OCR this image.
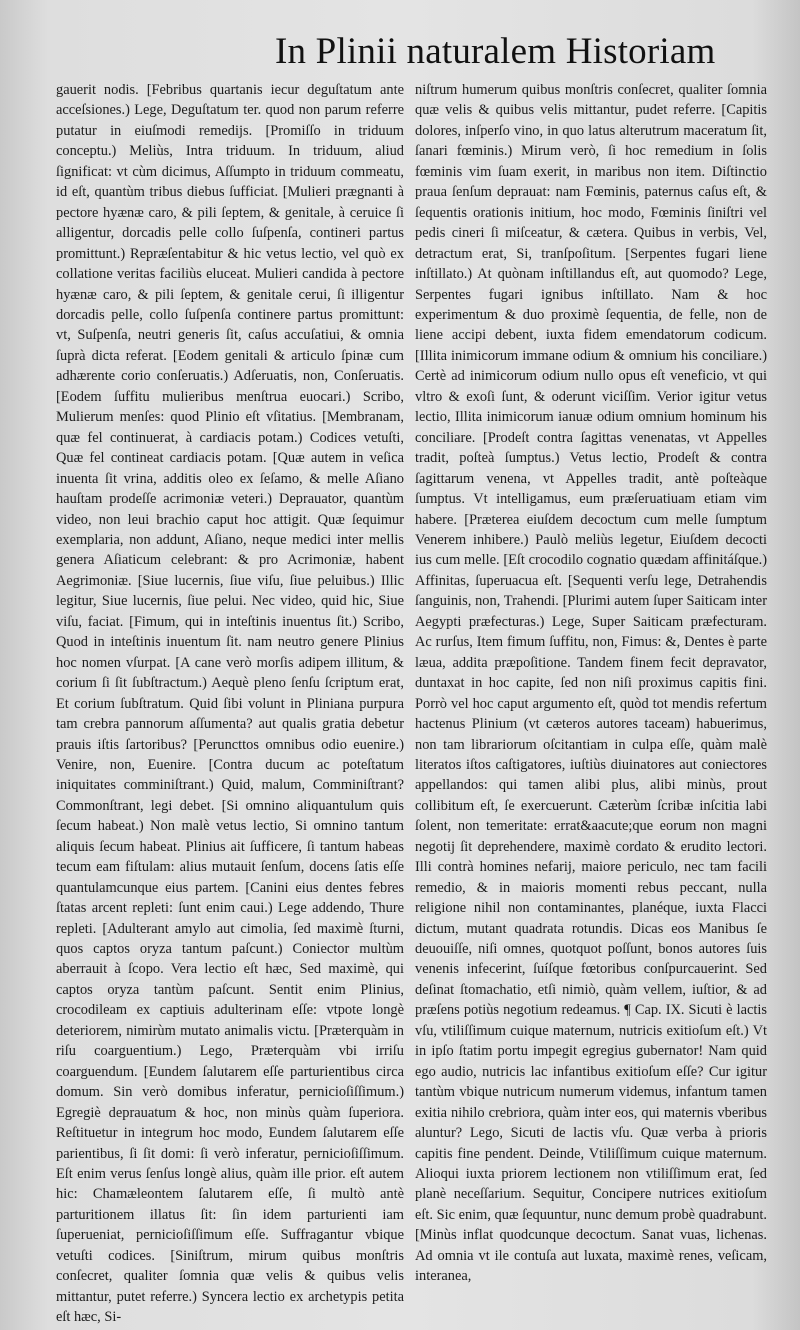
In Plinii naturalem Historiam

gauerit nodis. [Febribus quartanis iecur deguſtatum ante acceſsiones.) Lege, Deguſtatum ter. quod non parum referre putatur in eiuſmodi remedijs. [Promiſſo in triduum conceptu.) Meliùs, Intra triduum. In triduum, aliud ſignificat: vt cùm dicimus, Aſſumpto in triduum commeatu, id eſt, quantùm tribus diebus ſufficiat. [Mulieri prægnanti à pectore hyænæ caro, & pili ſeptem, & genitale, à ceruice ſi alligentur, dorcadis pelle collo ſuſpenſa, contineri partus promittunt.) Repræſentabitur & hic vetus lectio, vel quò ex collatione veritas faciliùs eluceat. Mulieri candida à pectore hyænæ caro, & pili ſeptem, & genitale cerui, ſi illigentur dorcadis pelle, collo ſuſpenſa continere partus promittunt: vt, Suſpenſa, neutri generis ſit, caſus accuſatiui, & omnia ſuprà dicta referat. [Eodem genitali & articulo ſpinæ cum adhærente corio conſeruatis.) Adſeruatis, non, Conſeruatis. [Eodem ſuffitu mulieribus menſtrua euocari.) Scribo, Mulierum menſes: quod Plinio eſt vſitatius. [Membranam, quæ fel continuerat, à cardiacis potam.) Codices vetuſti, Quæ fel contineat cardiacis potam. [Quæ autem in veſica inuenta ſit vrina, additis oleo ex ſeſamo, & melle Aſiano hauſtam prodeſſe acrimoniæ veteri.) Deprauator, quantùm video, non leui brachio caput hoc attigit. Quæ ſequimur exemplaria, non addunt, Aſiano, neque medici inter mellis genera Aſiaticum celebrant: & pro Acrimoniæ, habent Aegrimoniæ. [Siue lucernis, ſiue viſu, ſiue peluibus.) Illic legitur, Siue lucernis, ſiue pelui. Nec video, quid hic, Siue viſu, faciat. [Fimum, qui in inteſtinis inuentus ſit.) Scribo, Quod in inteſtinis inuentum ſit. nam neutro genere Plinius hoc nomen vſurpat. [A cane verò morſis adipem illitum, & corium ſi ſit ſubſtractum.) Aequè pleno ſenſu ſcriptum erat, Et corium ſubſtratum. Quid ſibi volunt in Pliniana purpura tam crebra pannorum aſſumenta? aut qualis gratia debetur prauis iſtis ſartoribus? [Peruncttos omnibus odio euenire.) Venire, non, Euenire. [Contra ducum ac poteſtatum iniquitates comminiſtrant.) Quid, malum, Comminiſtrant? Commonſtrant, legi debet. [Si omnino aliquantulum quis ſecum habeat.) Non malè vetus lectio, Si omnino tantum aliquis ſecum habeat. Plinius ait ſufficere, ſi tantum habeas tecum eam fiſtulam: alius mutauit ſenſum, docens ſatis eſſe quantulamcunque eius partem. [Canini eius dentes febres ſtatas arcent repleti: ſunt enim caui.) Lege addendo, Thure repleti. [Adulterant amylo aut cimolia, ſed maximè ſturni, quos captos oryza tantum paſcunt.) Coniector multùm aberrauit à ſcopo. Vera lectio eſt hæc, Sed maximè, qui captos oryza tantùm paſcunt. Sentit enim Plinius, crocodileam ex captiuis adulterinam eſſe: vtpote longè deteriorem, nimirùm mutato animalis victu. [Præterquàm in riſu coarguentium.) Lego, Præterquàm vbi irriſu coarguendum. [Eundem ſalutarem eſſe parturientibus circa domum. Sin verò domibus inferatur, pernicioſiſſimum.) Egregiè deprauatum & hoc, non minùs quàm ſuperiora. Reſtituetur in integrum hoc modo, Eundem ſalutarem eſſe parientibus, ſi ſit domi: ſi verò inferatur, pernicioſiſſimum. Eſt enim verus ſenſus longè alius, quàm ille prior. eſt autem hic: Chamæleontem ſalutarem eſſe, ſi multò antè parturitionem illatus ſit: ſin idem parturienti iam ſuperueniat, pernicioſiſſimum eſſe. Suffragantur vbique vetuſti codices. [Siniſtrum, mirum quibus monſtris conſecret, qualiter ſomnia quæ velis & quibus velis mittantur, putet referre.) Syncera lectio ex archetypis petita eſt hæc, Si-

niſtrum humerum quibus monſtris conſecret, qualiter ſomnia quæ velis & quibus velis mittantur, pudet referre. [Capitis dolores, inſperſo vino, in quo latus alterutrum maceratum ſit, ſanari fœminis.) Mirum verò, ſi hoc remedium in ſolis fœminis vim ſuam exerit, in maribus non item. Diſtinctio praua ſenſum deprauat: nam Fœminis, paternus caſus eſt, & ſequentis orationis initium, hoc modo, Fœminis ſiniſtri vel pedis cineri ſi miſceatur, & cætera. Quibus in verbis, Vel, detractum erat, Si, tranſpoſitum. [Serpentes fugari liene inſtillato.) At quònam inſtillandus eſt, aut quomodo? Lege, Serpentes fugari ignibus inſtillato. Nam & hoc experimentum & duo proximè ſequentia, de felle, non de liene accipi debent, iuxta fidem emendatorum codicum. [Illita inimicorum immane odium & omnium his conciliare.) Certè ad inimicorum odium nullo opus eſt veneficio, vt qui vltro & exoſi ſunt, & oderunt viciſſim. Verior igitur vetus lectio, Illita inimicorum ianuæ odium omnium hominum his conciliare. [Prodeſt contra ſagittas venenatas, vt Appelles tradit, poſteà ſumptus.) Vetus lectio, Prodeſt & contra ſagittarum venena, vt Appelles tradit, antè poſteàque ſumptus. Vt intelligamus, eum præſeruatiuam etiam vim habere. [Præterea eiuſdem decoctum cum melle ſumptum Venerem inhibere.) Paulò meliùs legetur, Eiuſdem decocti ius cum melle. [Eſt crocodilo cognatio quædam affinitáſque.) Affinitas, ſuperuacua eſt. [Sequenti verſu lege, Detrahendis ſanguinis, non, Trahendi. [Plurimi autem ſuper Saiticam inter Aegypti præfecturas.) Lege, Super Saiticam præfecturam. Ac rurſus, Item fimum ſuffitu, non, Fimus: &, Dentes è parte læua, addita præpoſitione. Tandem finem fecit depravator, duntaxat in hoc capite, ſed non niſi proximus capitis fini. Porrò vel hoc caput argumento eſt, quòd tot mendis refertum hactenus Plinium (vt cæteros autores taceam) habuerimus, non tam librariorum oſcitantiam in culpa eſſe, quàm malè literatos iſtos caſtigatores, iuſtiùs diuinatores aut coniectores appellandos: qui tamen alibi plus, alibi minùs, prout collibitum eſt, ſe exercuerunt. Cæterùm ſcribæ inſcitia labi ſolent, non temeritate: errat&aacute;que eorum non magni negotij ſit deprehendere, maximè cordato & erudito lectori. Illi contrà homines nefarij, maiore periculo, nec tam facili remedio, & in maioris momenti rebus peccant, nulla religione nihil non contaminantes, planéque, iuxta Flacci dictum, mutant quadrata rotundis. Dicas eos Manibus ſe deuouiſſe, niſi omnes, quotquot poſſunt, bonos autores ſuis venenis infecerint, ſuíſque fœtoribus conſpurcauerint. Sed deſinat ſtomachatio, etſi nimiò, quàm vellem, iuſtior, & ad præſens potiùs negotium redeamus. ¶ Cap. IX. Sicuti è lactis vſu, vtiliſſimum cuique maternum, nutricis exitioſum eſt.) Vt in ipſo ſtatim portu impegit egregius gubernator! Nam quid ego audio, nutricis lac infantibus exitioſum eſſe? Cur igitur tantùm vbique nutricum numerum videmus, infantum tamen exitia nihilo crebriora, quàm inter eos, qui maternis vberibus aluntur? Lego, Sicuti de lactis vſu. Quæ verba à prioris capitis fine pendent. Deinde, Vtiliſſimum cuique maternum. Alioqui iuxta priorem lectionem non vtiliſſimum erat, ſed planè neceſſarium. Sequitur, Concipere nutrices exitioſum eſt. Sic enim, quæ ſequuntur, nunc demum probè quadrabunt. [Minùs inflat quodcunque decoctum. Sanat vuas, lichenas. Ad omnia vt ile contuſa aut luxata, maximè renes, veſicam, interanea,
